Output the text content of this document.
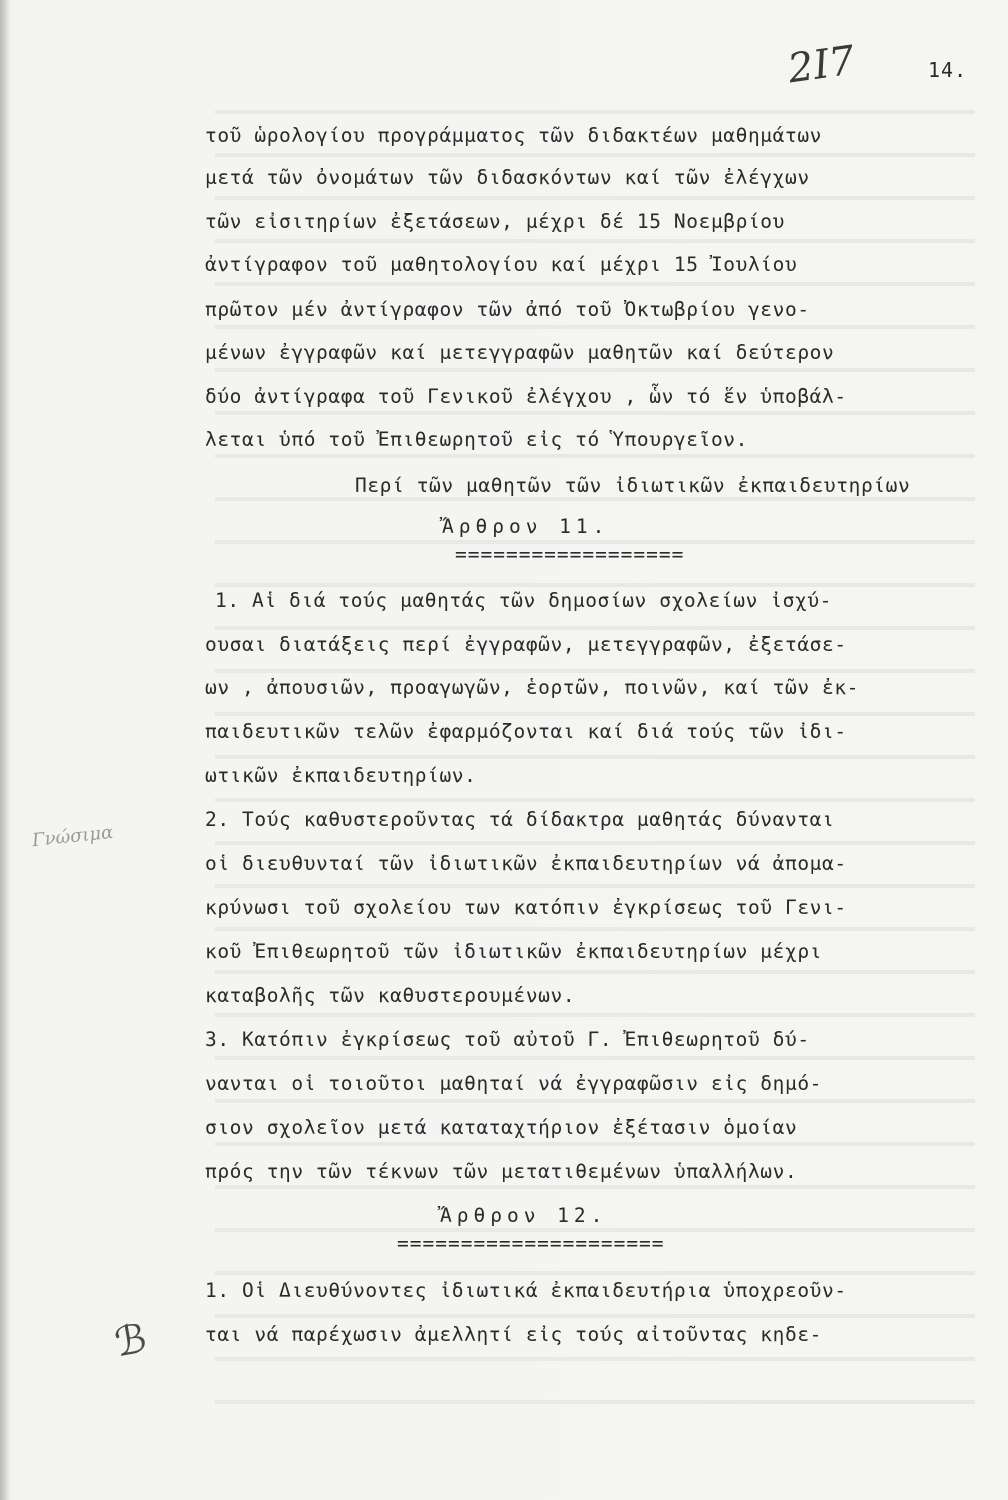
2Ι7	14.
τοῦ ὡρολογίου προγράμματος τῶν διδακτέων μαθημάτων
μετά τῶν ὀνομάτων τῶν διδασκόντων καί τῶν ἐλέγχων
τῶν εἰσιτηρίων ἐξετάσεων, μέχρι δέ 15 Νοεμβρίου
ἀντίγραφον τοῦ μαθητολογίου καί μέχρι 15 Ἰουλίου
πρῶτον μέν ἀντίγραφον τῶν ἀπό τοῦ Ὀκτωβρίου γενο-
μένων ἐγγραφῶν καί μετεγγραφῶν μαθητῶν καί δεύτερον
δύο ἀντίγραφα τοῦ Γενικοῦ ἐλέγχου , ὧν τό ἕν ὑποβάλ-
λεται ὑπό τοῦ Ἐπιθεωρητοῦ εἰς τό Ὑπουργεῖον.
Περί τῶν μαθητῶν τῶν ἰδιωτικῶν ἐκπαιδευτηρίων
Ἄρθρον 11.
==================
1. Αἱ διά τούς μαθητάς τῶν δημοσίων σχολείων ἰσχύ-
ουσαι διατάξεις περί ἐγγραφῶν, μετεγγραφῶν, ἐξετάσε-
ων , ἀπουσιῶν, προαγωγῶν, ἑορτῶν, ποινῶν, καί τῶν ἐκ-
παιδευτικῶν τελῶν ἐφαρμόζονται καί διά τούς τῶν ἰδι-
ωτικῶν ἐκπαιδευτηρίων.
2. Τούς καθυστεροῦντας τά δίδακτρα μαθητάς δύνανται
οἱ διευθυνταί τῶν ἰδιωτικῶν ἐκπαιδευτηρίων νά ἀπομα-
κρύνωσι τοῦ σχολείου των κατόπιν ἐγκρίσεως τοῦ Γενι-
κοῦ Ἐπιθεωρητοῦ τῶν ἰδιωτικῶν ἐκπαιδευτηρίων μέχρι
καταβολῆς τῶν καθυστερουμένων.
3. Κατόπιν ἐγκρίσεως τοῦ αὐτοῦ Γ. Ἐπιθεωρητοῦ δύ-
νανται οἱ τοιοῦτοι μαθηταί νά ἐγγραφῶσιν εἰς δημό-
σιον σχολεῖον μετά καταταχτήριον ἐξέτασιν ὁμοίαν
πρός την τῶν τέκνων τῶν μετατιθεμένων ὑπαλλήλων.
Ἄρθρον 12.
=====================
1. Οἱ Διευθύνοντες ἰδιωτικά ἐκπαιδευτήρια ὑποχρεοῦν-
ται νά παρέχωσιν ἀμελλητί εἰς τούς αἰτοῦντας κηδε-
Γνώσιμα
ℬ
